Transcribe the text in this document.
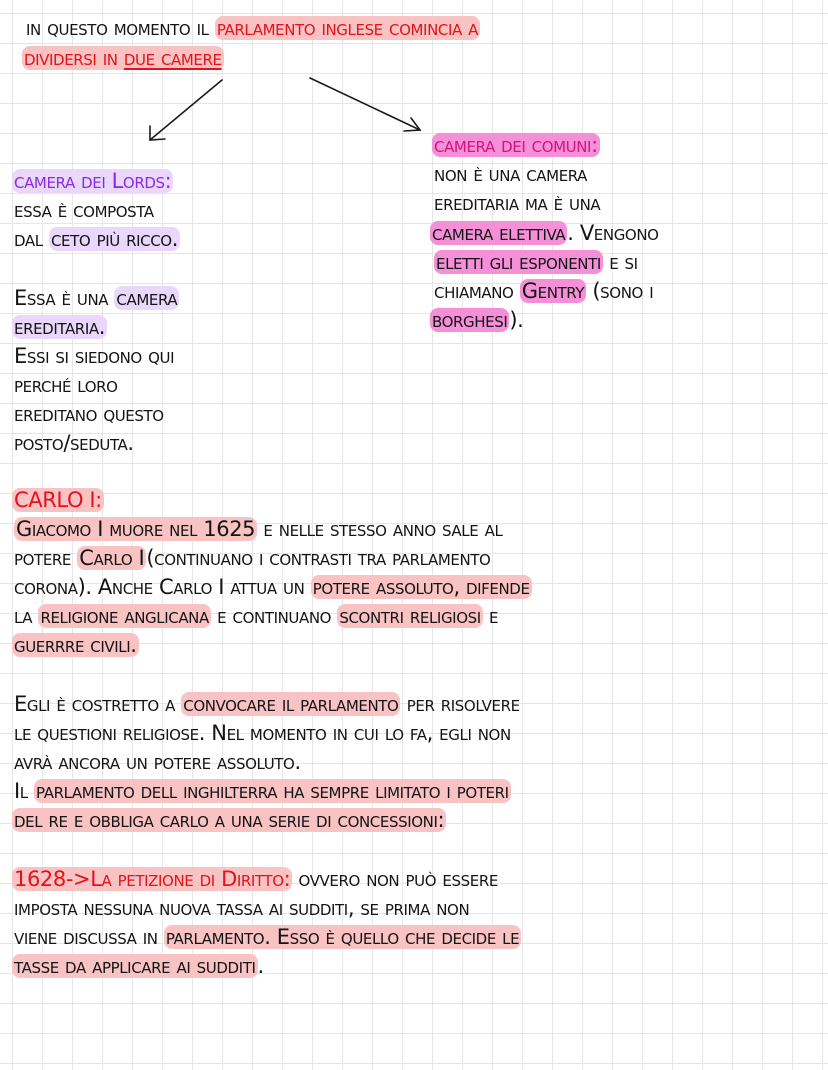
in questo momento il parlamento inglese comincia a
dividersi in due camere
camera dei Lords:
essa è composta
dal ceto più ricco.
Essa è una camera
ereditaria.
Essi si siedono qui
perché loro
ereditano questo
posto/seduta.
camera dei comuni:
non è una camera
ereditaria ma è una
camera elettiva. Vengono
eletti gli esponenti e si
chiamano Gentry (sono i
borghesi).
CARLO I:
Giacomo I muore nel 1625 e nelle stesso anno sale al
potere Carlo I(continuano i contrasti tra parlamento
corona). Anche Carlo I attua un potere assoluto, difende
la religione anglicana e continuano scontri religiosi e
guerrre civili.
Egli è costretto a convocare il parlamento per risolvere
le questioni religiose. Nel momento in cui lo fa, egli non
avrà ancora un potere assoluto.
Il parlamento dell inghilterra ha sempre limitato i poteri
del re e obbliga carlo a una serie di concessioni:
1628->La petizione di Diritto: ovvero non può essere
imposta nessuna nuova tassa ai sudditi, se prima non
viene discussa in parlamento. Esso è quello che decide le
tasse da applicare ai sudditi.
